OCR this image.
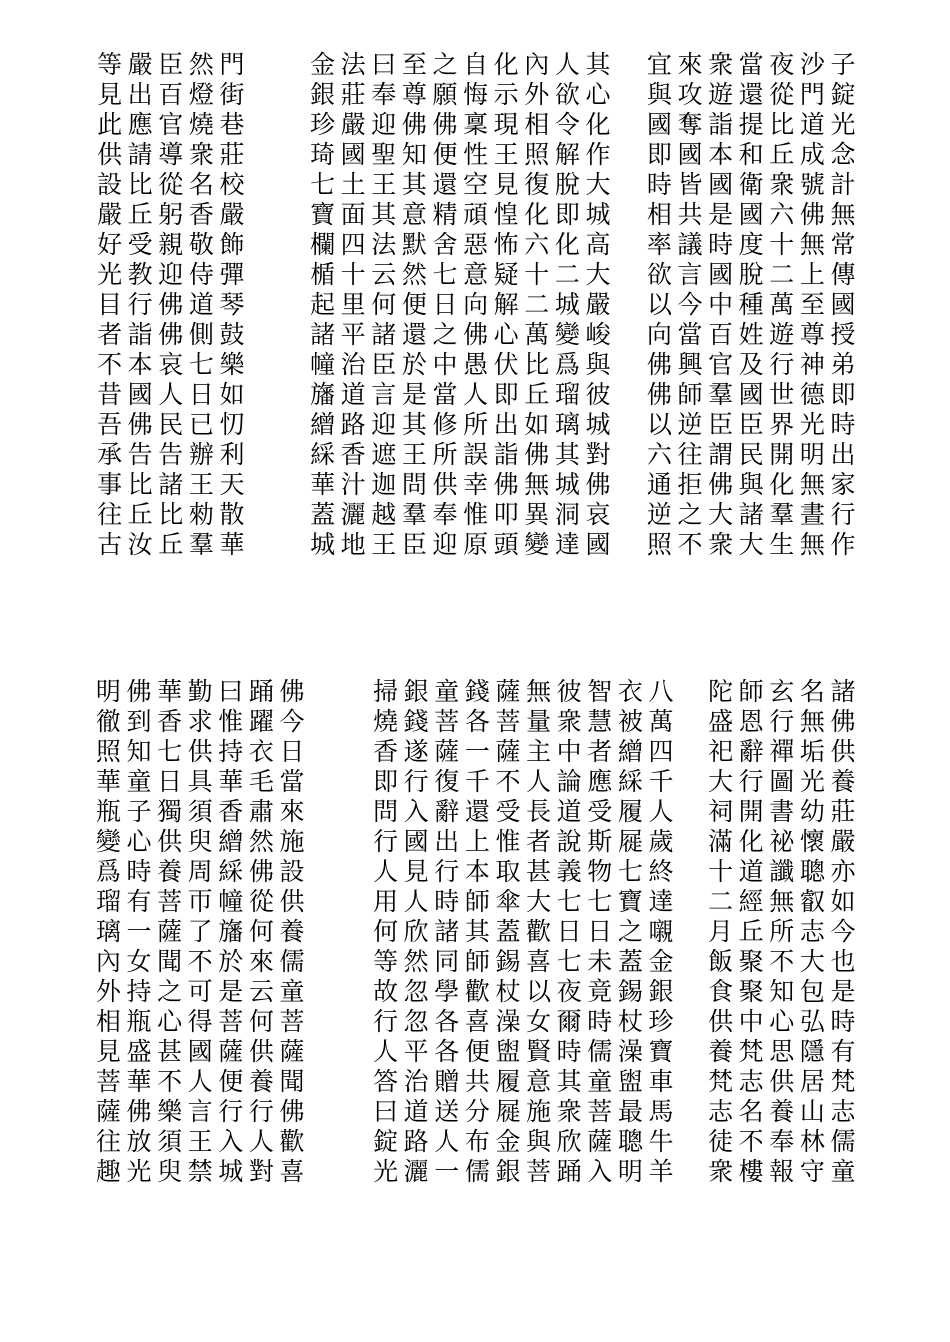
子
錠
光
念
計
無
常
傳
國
授
弟
即
時
出
家
行
作
沙
門
道
成
號
佛
無
上
至
尊
神
德
光
明
無
晝
無
夜
從
比
丘
衆
六
十
二
萬
遊
行
世
界
開
化
羣
生
當
還
提
和
衛
國
度
脫
種
姓
及
國
臣
民
與
諸
大
衆
遊
詣
本
國
是
時
國
中
百
官
羣
臣
謂
佛
大
衆
來
攻
奪
國
皆
共
議
言
今
當
興
師
逆
往
拒
之
不
宜
與
國
即
時
相
率
欲
以
向
佛
佛
以
六
通
逆
照
其
心
化
作
大
城
高
大
嚴
峻
與
彼
城
對
佛
哀
國
人
欲
令
解
脫
即
化
二
城
變
爲
瑠
璃
其
城
洞
達
內
外
相
照
復
化
六
十
二
萬
比
丘
如
佛
無
異
變
化
示
現
王
見
惶
怖
疑
解
心
伏
即
出
詣
佛
叩
頭
自
悔
稟
性
空
頑
惡
意
向
佛
愚
人
所
誤
幸
惟
原
之
願
佛
便
還
精
舍
七
日
之
中
當
修
所
供
奉
迎
至
尊
佛
知
其
意
默
然
便
還
於
是
其
王
問
羣
臣
曰
奉
迎
聖
王
其
法
云
何
諸
臣
言
迎
遮
迦
越
王
法
莊
嚴
國
土
面
四
十
里
平
治
道
路
香
汁
灑
地
金
銀
珍
琦
七
寶
欄
楯
起
諸
幢
旛
繒
綵
華
蓋
城
門
街
巷
莊
校
嚴
飾
彈
琴
鼓
樂
如
忉
利
天
散
華
然
燈
燒
衆
名
香
敬
侍
道
側
七
日
已
辦
王
勑
羣
臣
百
官
導
從
躬
親
迎
佛
佛
哀
人
民
告
諸
比
丘
嚴
出
應
請
比
丘
受
教
行
詣
本
國
佛
告
比
丘
汝
等
見
此
供
設
嚴
好
光
目
者
不
昔
吾
承
事
往
古
諸
佛
供
養
莊
嚴
亦
如
今
也
是
時
有
梵
志
儒
童
名
無
垢
光
幼
懷
聰
叡
志
大
包
弘
隱
居
山
林
守
玄
行
禪
圖
書
祕
讖
無
所
不
知
心
思
供
養
奉
報
師
恩
辭
行
開
化
道
經
丘
聚
聚
中
梵
志
名
不
樓
陀
盛
祀
大
祠
滿
十
二
月
飯
食
供
養
梵
志
徒
衆
八
萬
四
千
人
歲
終
達
嚫
金
銀
珍
寶
車
馬
牛
羊
衣
被
繒
綵
履
屣
七
寶
之
蓋
錫
杖
澡
盥
最
聰
明
智
慧
者
應
受
斯
物
七
日
未
竟
時
儒
童
菩
薩
入
彼
衆
中
論
道
說
義
七
日
七
夜
爾
時
其
衆
欣
踊
無
量
主
人
長
者
甚
大
歡
喜
以
女
賢
意
施
與
菩
薩
菩
薩
不
受
惟
取
傘
蓋
錫
杖
澡
盥
履
屣
金
銀
錢
各
一
千
還
上
本
師
其
師
歡
喜
便
共
分
布
儒
童
菩
薩
復
辭
出
行
時
諸
同
學
各
各
贈
送
人
一
銀
錢
遂
行
入
國
見
人
欣
然
忽
忽
平
治
道
路
灑
掃
燒
香
即
問
行
人
用
何
等
故
行
人
答
曰
錠
光
佛
今
日
當
來
施
設
供
養
儒
童
菩
薩
聞
佛
歡
喜
踊
躍
衣
毛
肅
然
佛
從
何
來
云
何
供
養
行
人
對
曰
惟
持
華
香
繒
綵
幢
旛
於
是
菩
薩
便
行
入
城
勤
求
供
具
須
臾
周
帀
了
不
可
得
國
人
言
王
禁
華
香
七
日
獨
供
養
菩
薩
聞
之
心
甚
不
樂
須
臾
佛
到
知
童
子
心
時
有
一
女
持
瓶
盛
華
佛
放
光
明
徹
照
華
瓶
變
爲
瑠
璃
內
外
相
見
菩
薩
往
趣
